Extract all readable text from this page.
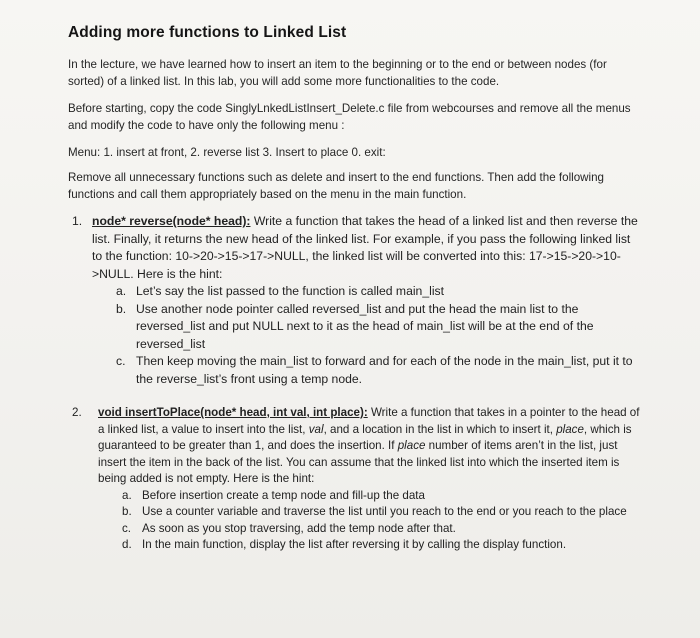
Adding more functions to Linked List

In the lecture, we have learned how to insert an item to the beginning or to the end or between nodes (for sorted) of a linked list. In this lab, you will add some more functionalities to the code.

Before starting, copy the code SinglyLnkedListInsert_Delete.c file from webcourses and remove all the menus and modify the code to have only the following menu :

Menu: 1. insert at front, 2. reverse list 3. Insert to place 0. exit:

Remove all unnecessary functions such as delete and insert to the end functions. Then add the following functions and call them appropriately based on the menu in the main function.

1. node* reverse(node* head): Write a function that takes the head of a linked list and then reverse the list. Finally, it returns the new head of the linked list. For example, if you pass the following linked list to the function: 10->20->15->17->NULL, the linked list will be converted into this: 17->15->20->10->NULL. Here is the hint:
a. Let’s say the list passed to the function is called main_list
b. Use another node pointer called reversed_list and put the head the main list to the reversed_list and put NULL next to it as the head of main_list will be at the end of the reversed_list
c. Then keep moving the main_list to forward and for each of the node in the main_list, put it to the reverse_list’s front using a temp node.
2. void insertToPlace(node* head, int val, int place): Write a function that takes in a pointer to the head of a linked list, a value to insert into the list, val, and a location in the list in which to insert it, place, which is guaranteed to be greater than 1, and does the insertion. If place number of items aren’t in the list, just insert the item in the back of the list. You can assume that the linked list into which the inserted item is being added is not empty. Here is the hint:
a. Before insertion create a temp node and fill-up the data
b. Use a counter variable and traverse the list until you reach to the end or you reach to the place
c. As soon as you stop traversing, add the temp node after that.
d. In the main function, display the list after reversing it by calling the display function.
